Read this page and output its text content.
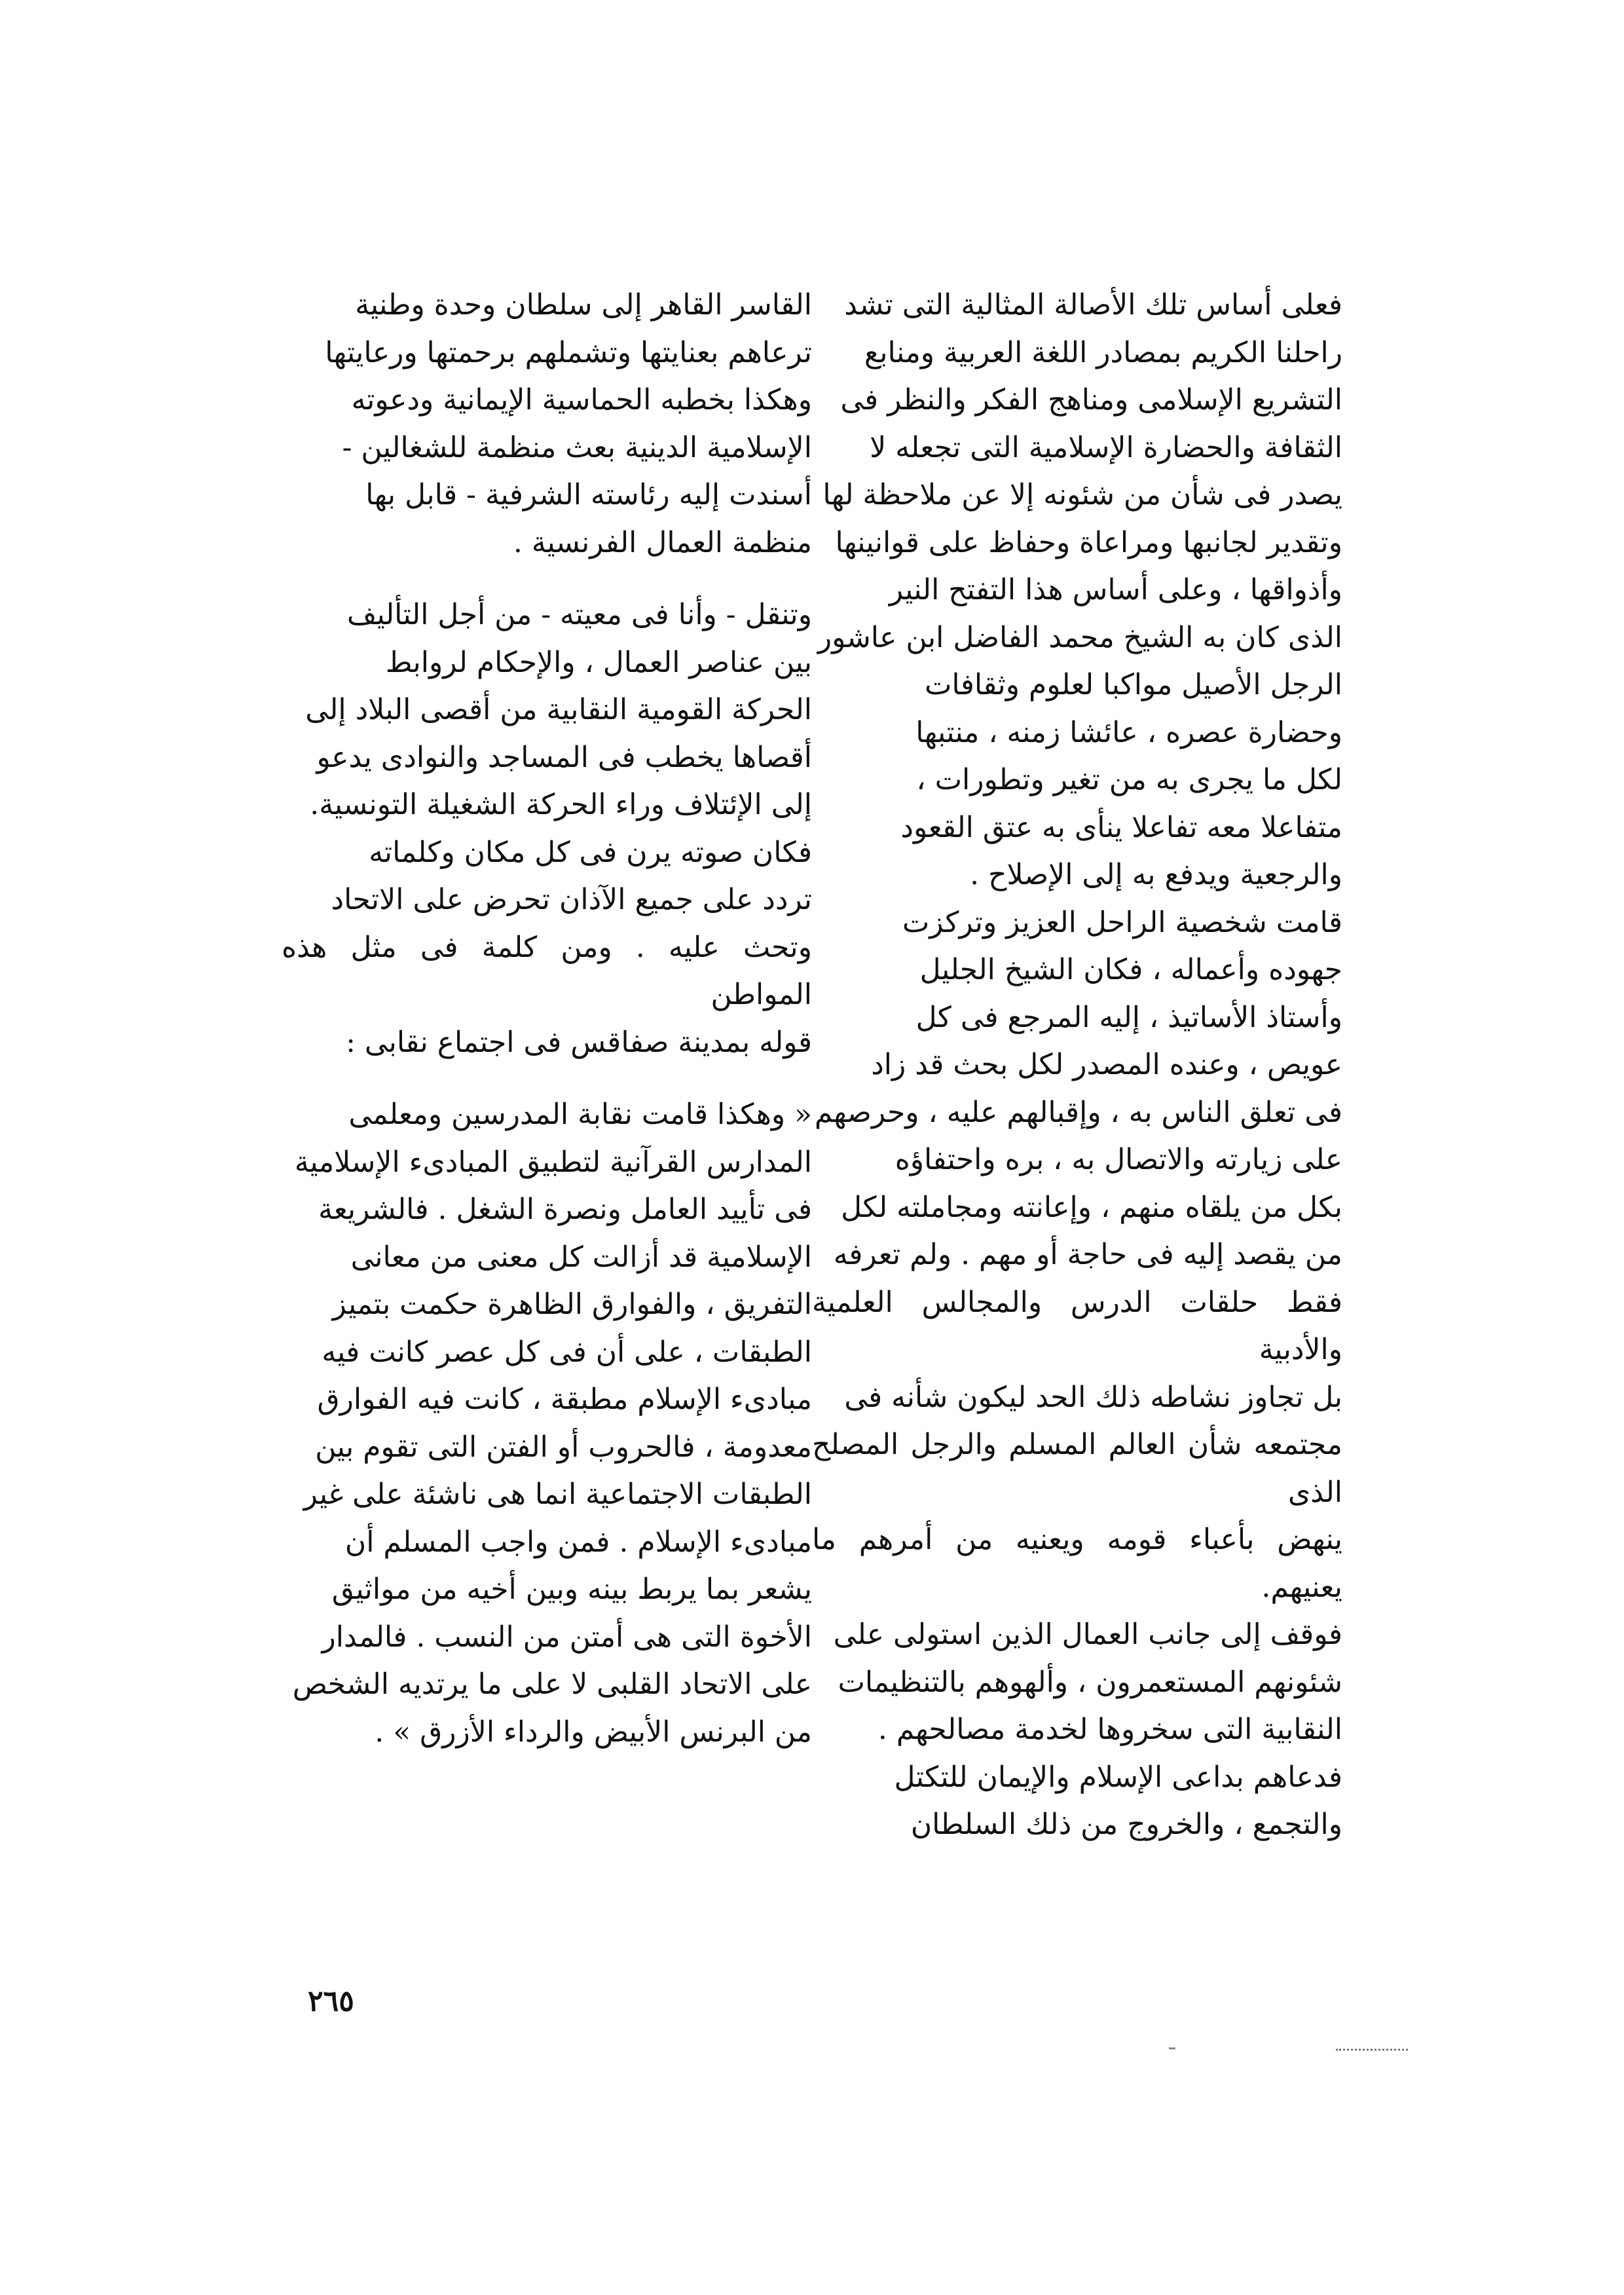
فعلى أساس تلك الأصالة المثالية التى تشد
راحلنا الكريم بمصادر اللغة العربية ومنابع
التشريع الإسلامى ومناهج الفكر والنظر فى
الثقافة والحضارة الإسلامية التى تجعله لا
يصدر فى شأن من شئونه إلا عن ملاحظة لها
وتقدير لجانبها ومراعاة وحفاظ على قوانينها
وأذواقها ، وعلى أساس هذا التفتح النير
الذى كان به الشيخ محمد الفاضل ابن عاشور
الرجل الأصيل مواكبا لعلوم وثقافات
وحضارة عصره ، عائشا زمنه ، منتبها
لكل ما يجرى به من تغير وتطورات ،
متفاعلا معه تفاعلا ينأى به عتق القعود
والرجعية ويدفع به إلى الإصلاح .

قامت شخصية الراحل العزيز وتركزت
جهوده وأعماله ، فكان الشيخ الجليل
وأستاذ الأساتيذ ، إليه المرجع فى كل
عويص ، وعنده المصدر لكل بحث قد زاد
فى تعلق الناس به ، وإقبالهم عليه ، وحرصهم
على زيارته والاتصال به ، بره واحتفاؤه
بكل من يلقاه منهم ، وإعانته ومجاملته لكل
من يقصد إليه فى حاجة أو مهم . ولم تعرفه
فقط حلقات الدرس والمجالس العلمية والأدبية
بل تجاوز نشاطه ذلك الحد ليكون شأنه فى
مجتمعه شأن العالم المسلم والرجل المصلح الذى
ينهض بأعباء قومه ويعنيه من أمرهم ما يعنيهم.
فوقف إلى جانب العمال الذين استولى على
شئونهم المستعمرون ، وألهوهم بالتنظيمات
النقابية التى سخروها لخدمة مصالحهم .
فدعاهم بداعى الإسلام والإيمان للتكتل
والتجمع ، والخروج من ذلك السلطان

القاسر القاهر إلى سلطان وحدة وطنية
ترعاهم بعنايتها وتشملهم برحمتها ورعايتها
وهكذا بخطبه الحماسية الإيمانية ودعوته
الإسلامية الدينية بعث منظمة للشغالين -
أسندت إليه رئاسته الشرفية - قابل بها
منظمة العمال الفرنسية .

وتنقل - وأنا فى معيته - من أجل التأليف
بين عناصر العمال ، والإحكام لروابط
الحركة القومية النقابية من أقصى البلاد إلى
أقصاها يخطب فى المساجد والنوادى يدعو
إلى الإئتلاف وراء الحركة الشغيلة التونسية.
فكان صوته يرن فى كل مكان وكلماته
تردد على جميع الآذان تحرض على الاتحاد
وتحث عليه . ومن كلمة فى مثل هذه المواطن
قوله بمدينة صفاقس فى اجتماع نقابى :

« وهكذا قامت نقابة المدرسين ومعلمى
المدارس القرآنية لتطبيق المبادىء الإسلامية
فى تأييد العامل ونصرة الشغل . فالشريعة
الإسلامية قد أزالت كل معنى من معانى
التفريق ، والفوارق الظاهرة حكمت بتميز
الطبقات ، على أن فى كل عصر كانت فيه
مبادىء الإسلام مطبقة ، كانت فيه الفوارق
معدومة ، فالحروب أو الفتن التى تقوم بين
الطبقات الاجتماعية انما هى ناشئة على غير
مبادىء الإسلام . فمن واجب المسلم أن
يشعر بما يربط بينه وبين أخيه من مواثيق
الأخوة التى هى أمتن من النسب . فالمدار
على الاتحاد القلبى لا على ما يرتديه الشخص
من البرنس الأبيض والرداء الأزرق » .

٢٦٥
